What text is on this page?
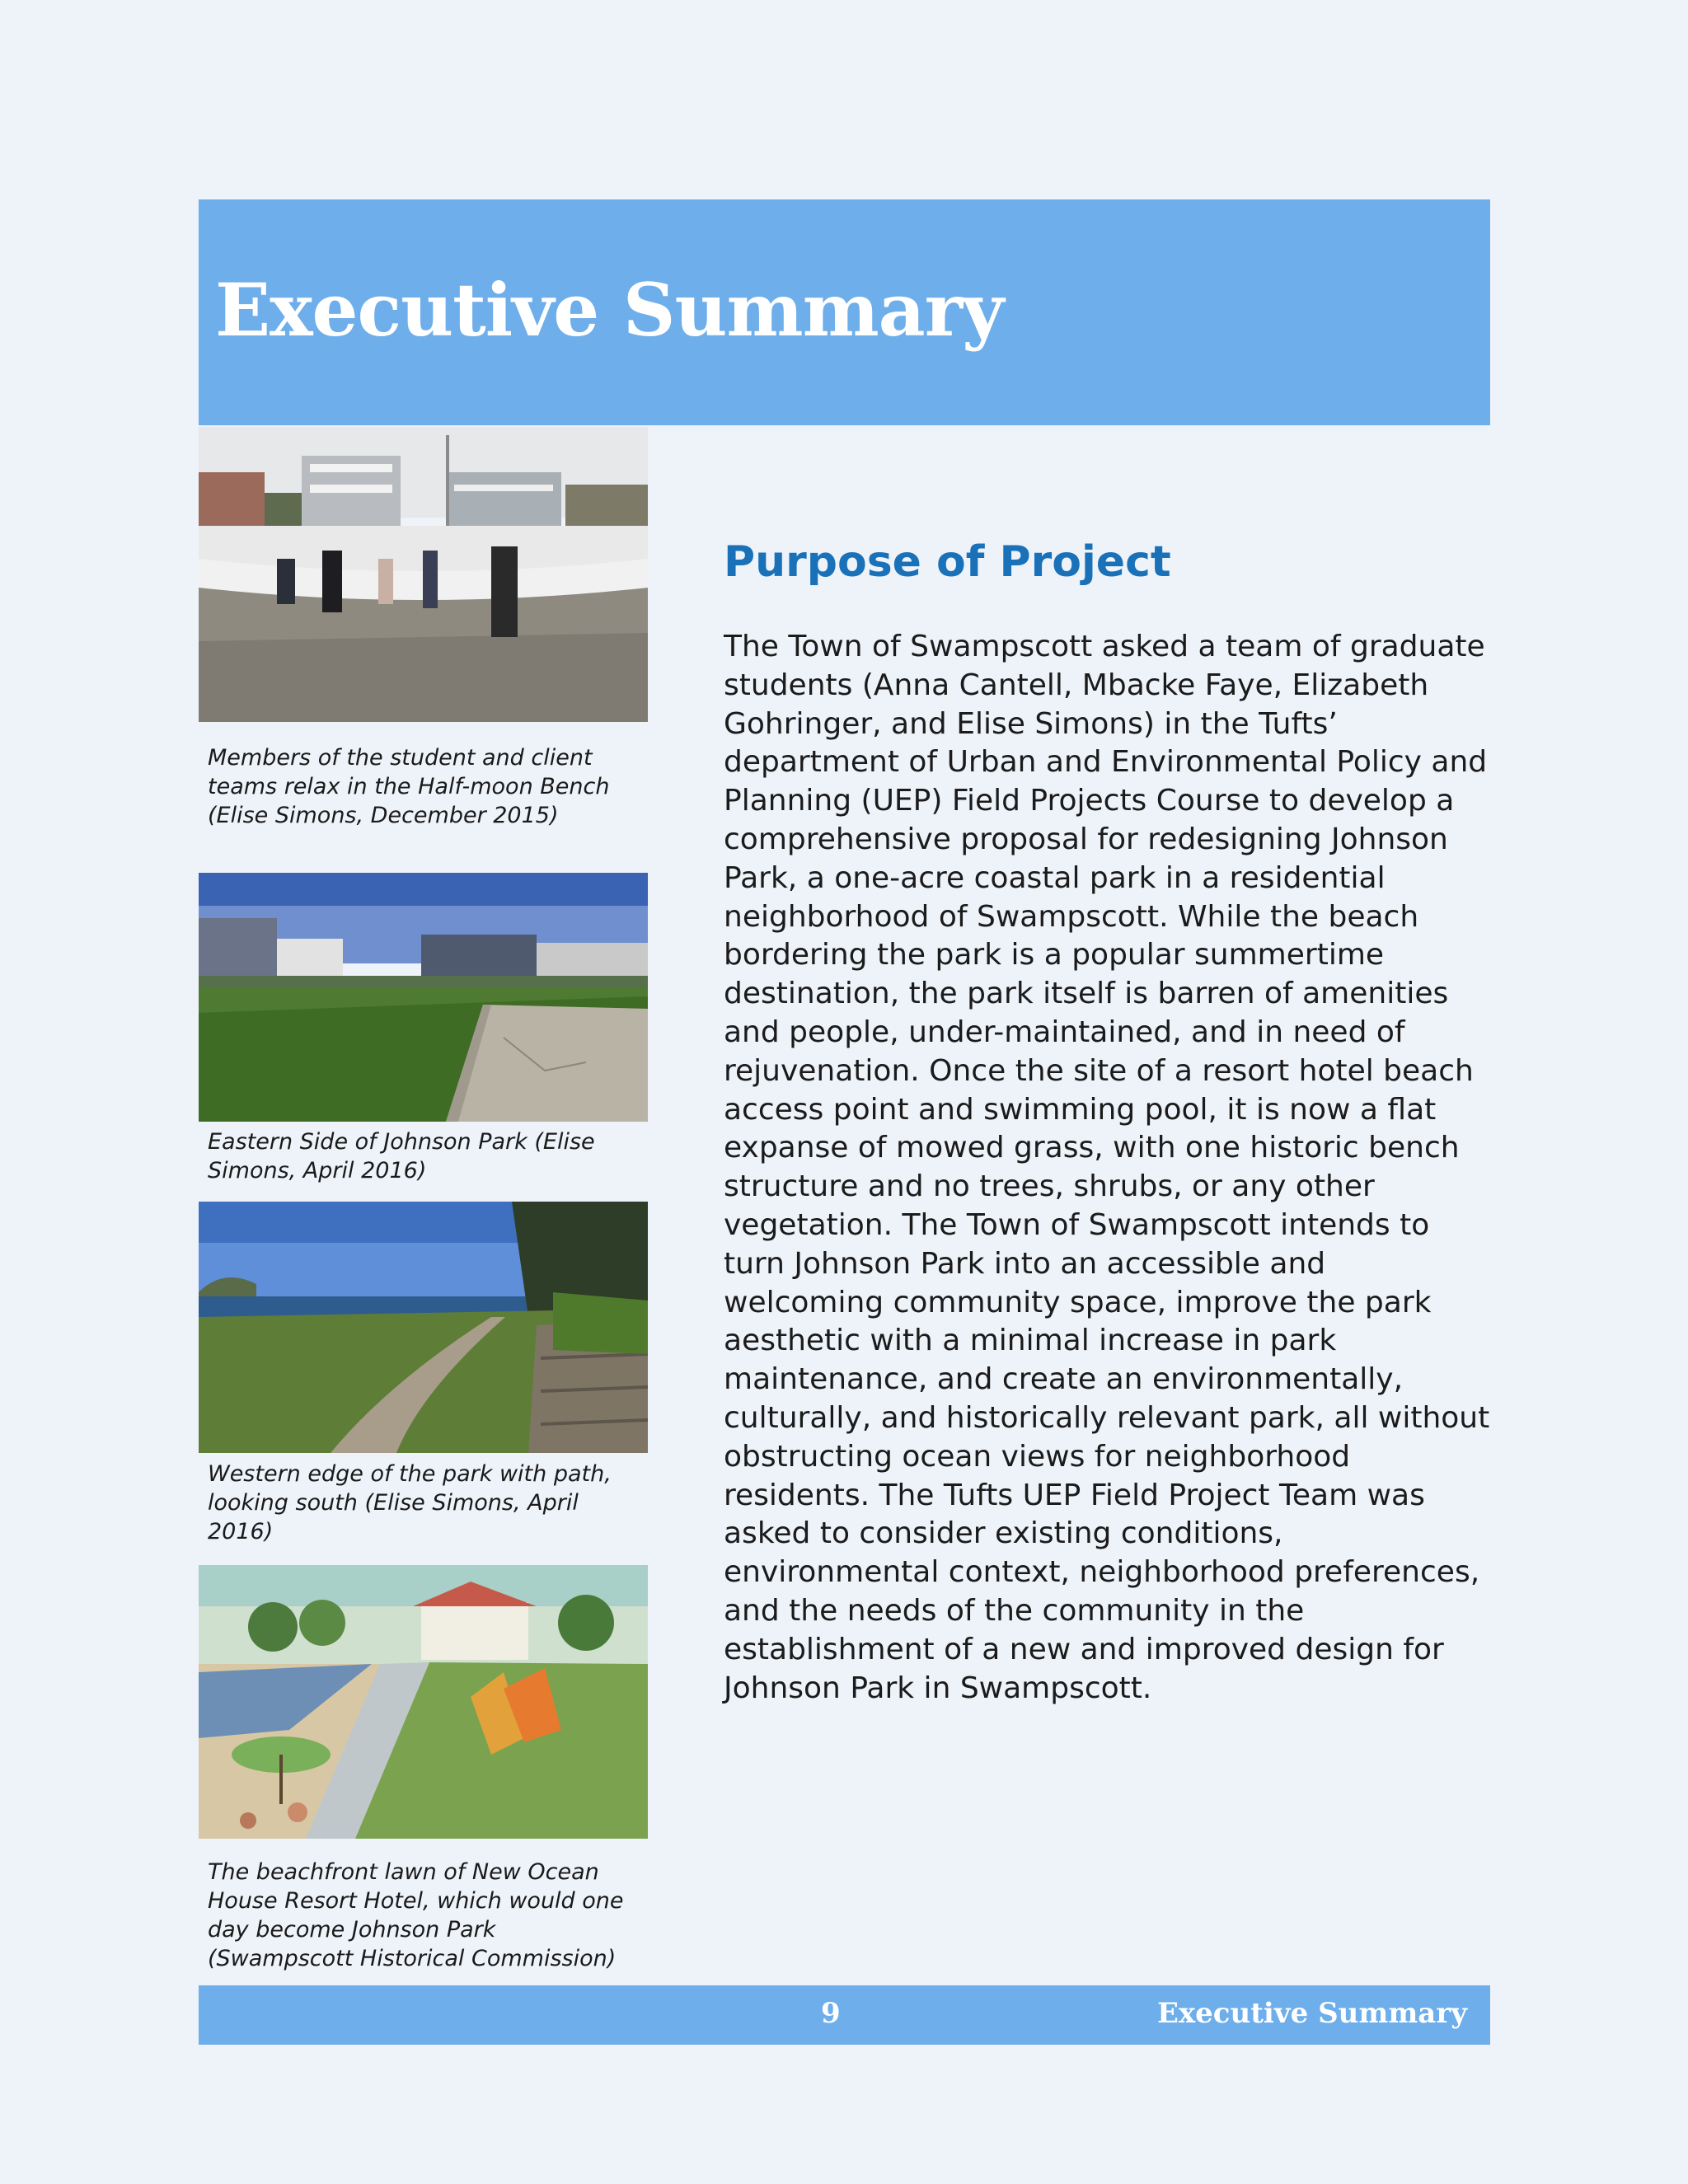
Executive Summary

Members of the student and client teams relax in the Half-moon Bench (Elise Simons, December 2015)

Eastern Side of Johnson Park (Elise Simons, April 2016)

Western edge of the park with path, looking south (Elise Simons, April 2016)

The beachfront lawn of New Ocean House Resort Hotel, which would one day become Johnson Park (Swampscott Historical Commission)

Purpose of Project

The Town of Swampscott asked a team of graduate students (Anna Cantell, Mbacke Faye, Elizabeth Gohringer, and Elise Simons) in the Tufts’ department of Urban and Environmental Policy and Planning (UEP) Field Projects Course to develop a comprehensive proposal for redesigning Johnson Park, a one-acre coastal park in a residential neighborhood of Swampscott. While the beach bordering the park is a popular summertime destination, the park itself is barren of amenities and people, under-maintained, and in need of rejuvenation. Once the site of a resort hotel beach access point and swimming pool, it is now a flat expanse of mowed grass, with one historic bench structure and no trees, shrubs, or any other vegetation. The Town of Swampscott intends to turn Johnson Park into an accessible and welcoming community space, improve the park aesthetic with a minimal increase in park maintenance, and create an environmentally, culturally, and historically relevant park, all without obstructing ocean views for neighborhood residents. The Tufts UEP Field Project Team was asked to consider existing conditions, environmental context, neighborhood preferences, and the needs of the community in the establishment of a new and improved design for Johnson Park in Swampscott.

9	Executive Summary
